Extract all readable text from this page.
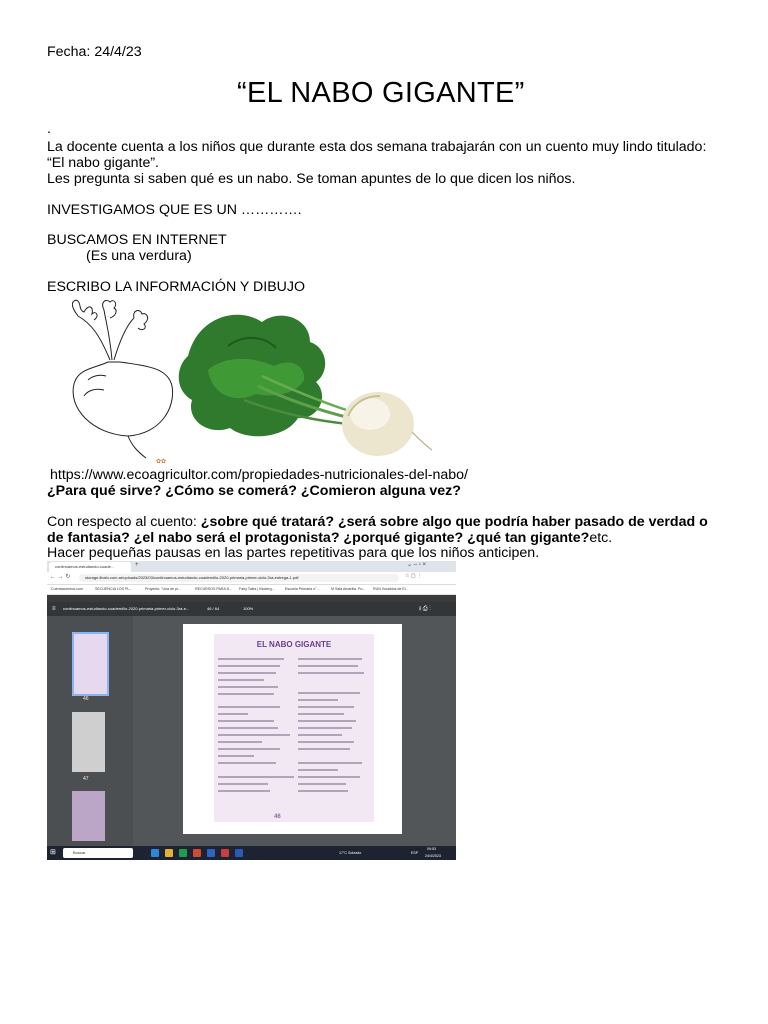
Fecha: 24/4/23
“EL NABO GIGANTE”
.
La docente cuenta a los niños que durante esta dos semana trabajarán con un cuento muy lindo titulado:
“El nabo gigante”.
Les pregunta si saben qué es un nabo. Se toman apuntes de lo que dicen los niños.
INVESTIGAMOS QUE ES UN ………….
BUSCAMOS EN INTERNET
(Es una verdura)
ESCRIBO LA INFORMACIÓN Y DIBUJO
✿✿
https://www.ecoagricultor.com/propiedades-nutricionales-del-nabo/
¿Para qué sirve? ¿Cómo se comerá? ¿Comieron alguna vez?
Con respecto al cuento: ¿sobre qué tratará? ¿será sobre algo que podría haber pasado de verdad o
de fantasia? ¿el nabo será el protagonista? ¿porqué gigante? ¿qué tan gigante?etc.
Hacer pequeñas pausas en las partes repetitivas para que los niños anticipen.
continuamos-estudiando-cuade...	+	⌄ – ▫ ×
← → ↻	storage.libalo.com.ar/uploads/2023/03/continuamos-estudiando-cuadernillo-2020-primaria-primer-ciclo-3ra-entrega-1.pdf	☆ ▢ ⋮
Cuentacuentos.com	SECUENCIA LOS PL...	Proyecto: "Una de pi...	RECURSOS PARA D... Fairy Tales | Kinderg...	Escuela Primaria n°...	M Sala Amarilla. Po... RUN Vocablos de El...
≡ continuamos-estudiando-cuadernillo-2020-primaria-primer-ciclo-3ra-e...	46 / 64	100%	⭳ ⎙ ⋮
46
47
EL NABO GIGANTE
46
⊞	Buscar	17°C Soleado	ESP
09:53
24/4/2023
